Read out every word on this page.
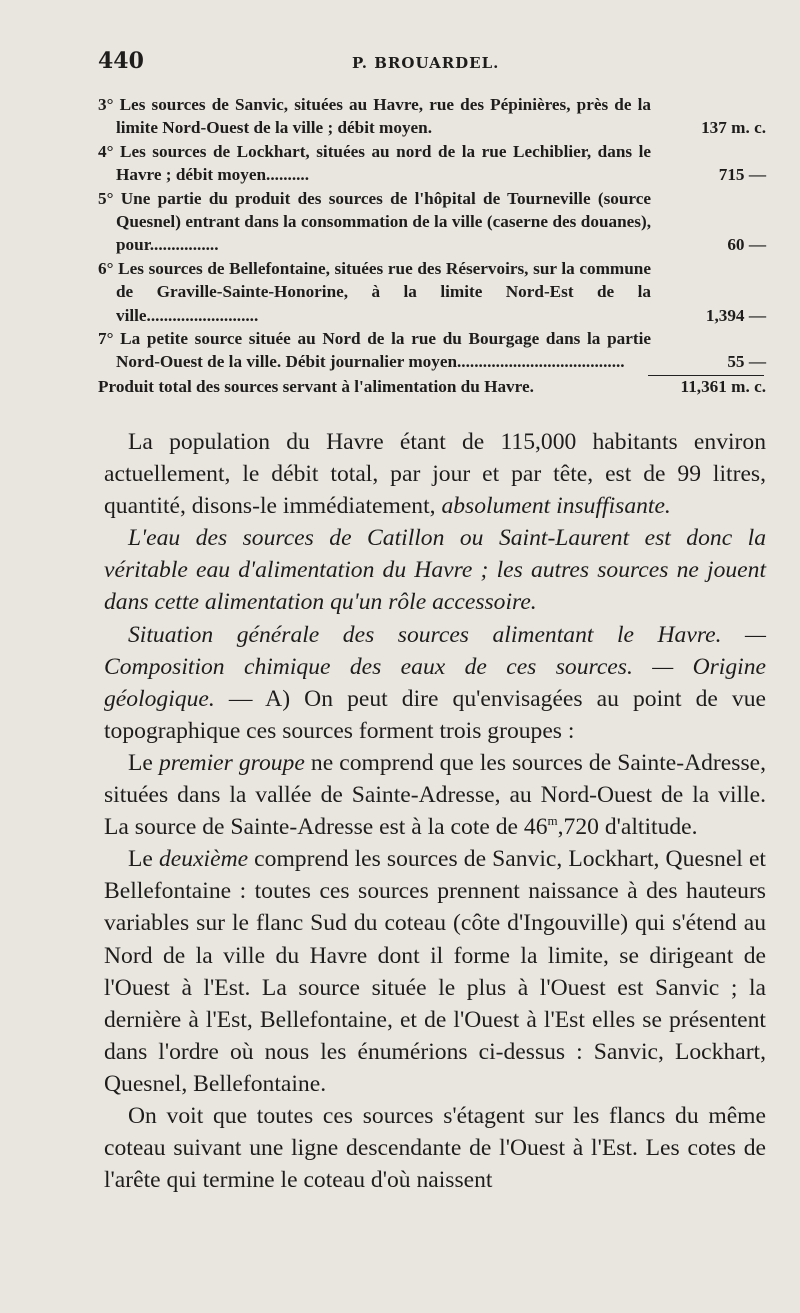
440	P. BROUARDEL.
3° Les sources de Sanvic, situées au Havre, rue des Pépinières, près de la limite Nord-Ouest de la ville ; débit moyen.	137 m. c.
4° Les sources de Lockhart, situées au nord de la rue Lechiblier, dans le Havre ; débit moyen..........	715 —
5° Une partie du produit des sources de l'hôpital de Tourneville (source Quesnel) entrant dans la consommation de la ville (caserne des douanes), pour................	60 —
6° Les sources de Bellefontaine, situées rue des Réservoirs, sur la commune de Graville-Sainte-Honorine, à la limite Nord-Est de la ville..........................	1,394 —
7° La petite source située au Nord de la rue du Bourgage dans la partie Nord-Ouest de la ville. Débit journalier moyen.......................................	55 —
Produit total des sources servant à l'alimentation du Havre.	11,361 m. c.

La population du Havre étant de 115,000 habitants environ actuellement, le débit total, par jour et par tête, est de 99 litres, quantité, disons-le immédiatement, absolument insuffisante.

L'eau des sources de Catillon ou Saint-Laurent est donc la véritable eau d'alimentation du Havre ; les autres sources ne jouent dans cette alimentation qu'un rôle accessoire.

Situation générale des sources alimentant le Havre. — Composition chimique des eaux de ces sources. — Origine géologique. — A) On peut dire qu'envisagées au point de vue topographique ces sources forment trois groupes :

Le premier groupe ne comprend que les sources de Sainte-Adresse, situées dans la vallée de Sainte-Adresse, au Nord-Ouest de la ville. La source de Sainte-Adresse est à la cote de 46$^m$,720 d'altitude.

Le deuxième comprend les sources de Sanvic, Lockhart, Quesnel et Bellefontaine : toutes ces sources prennent naissance à des hauteurs variables sur le flanc Sud du coteau (côte d'Ingouville) qui s'étend au Nord de la ville du Havre dont il forme la limite, se dirigeant de l'Ouest à l'Est. La source située le plus à l'Ouest est Sanvic ; la dernière à l'Est, Bellefontaine, et de l'Ouest à l'Est elles se présentent dans l'ordre où nous les énumérions ci-dessus : Sanvic, Lockhart, Quesnel, Bellefontaine.

On voit que toutes ces sources s'étagent sur les flancs du même coteau suivant une ligne descendante de l'Ouest à l'Est. Les cotes de l'arête qui termine le coteau d'où naissent
